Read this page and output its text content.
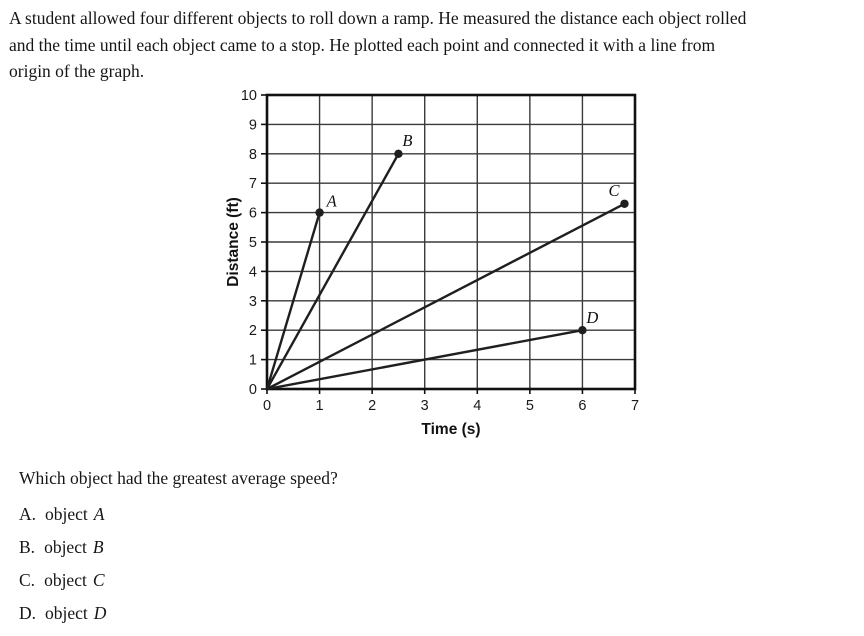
A student allowed four different objects to roll down a ramp. He measured the distance each object rolled
and the time until each object came to a stop. He plotted each point and connected it with a line from
origin of the graph.
0	1	2	3	4	5	6	7
0
1
2
3
4
5
6
7
8
9
10
Time (s)
Distance (ft)	A
B
C
D
Which object had the greatest average speed?
A. object A
B. object B
C. object C
D. object D
